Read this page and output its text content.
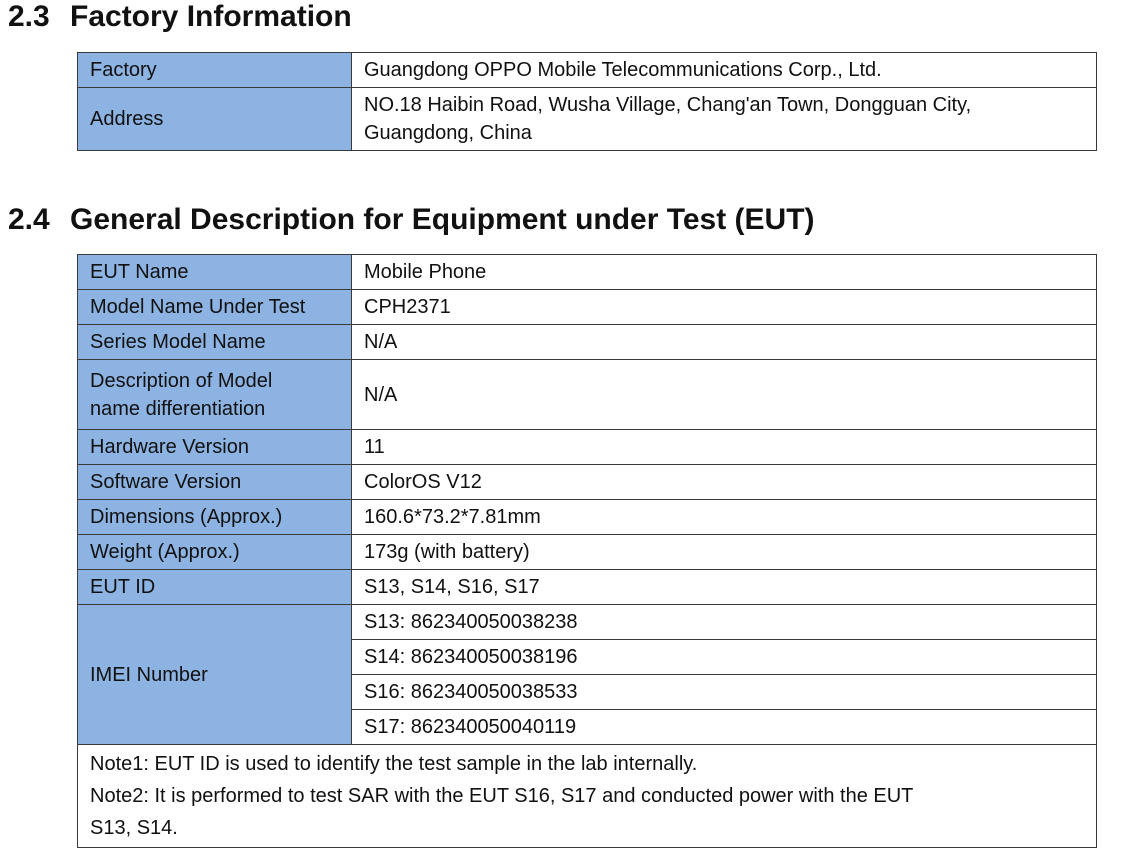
2.3 Factory Information
Factory	Guangdong OPPO Mobile Telecommunications Corp., Ltd.
Address	NO.18 Haibin Road, Wusha Village, Chang'an Town, Dongguan City,
Guangdong, China
2.4 General Description for Equipment under Test (EUT)
EUT Name	Mobile Phone
Model Name Under Test	CPH2371
Series Model Name	N/A
Description of Model
name differentiation	N/A
Hardware Version	11
Software Version	ColorOS V12
Dimensions (Approx.)	160.6*73.2*7.81mm
Weight (Approx.)	173g (with battery)
EUT ID	S13, S14, S16, S17
IMEI Number	S13: 862340050038238
	S14: 862340050038196
	S16: 862340050038533
	S17: 862340050040119

Note1: EUT ID is used to identify the test sample in the lab internally.
Note2: It is performed to test SAR with the EUT S16, S17 and conducted power with the EUT
S13, S14.	
